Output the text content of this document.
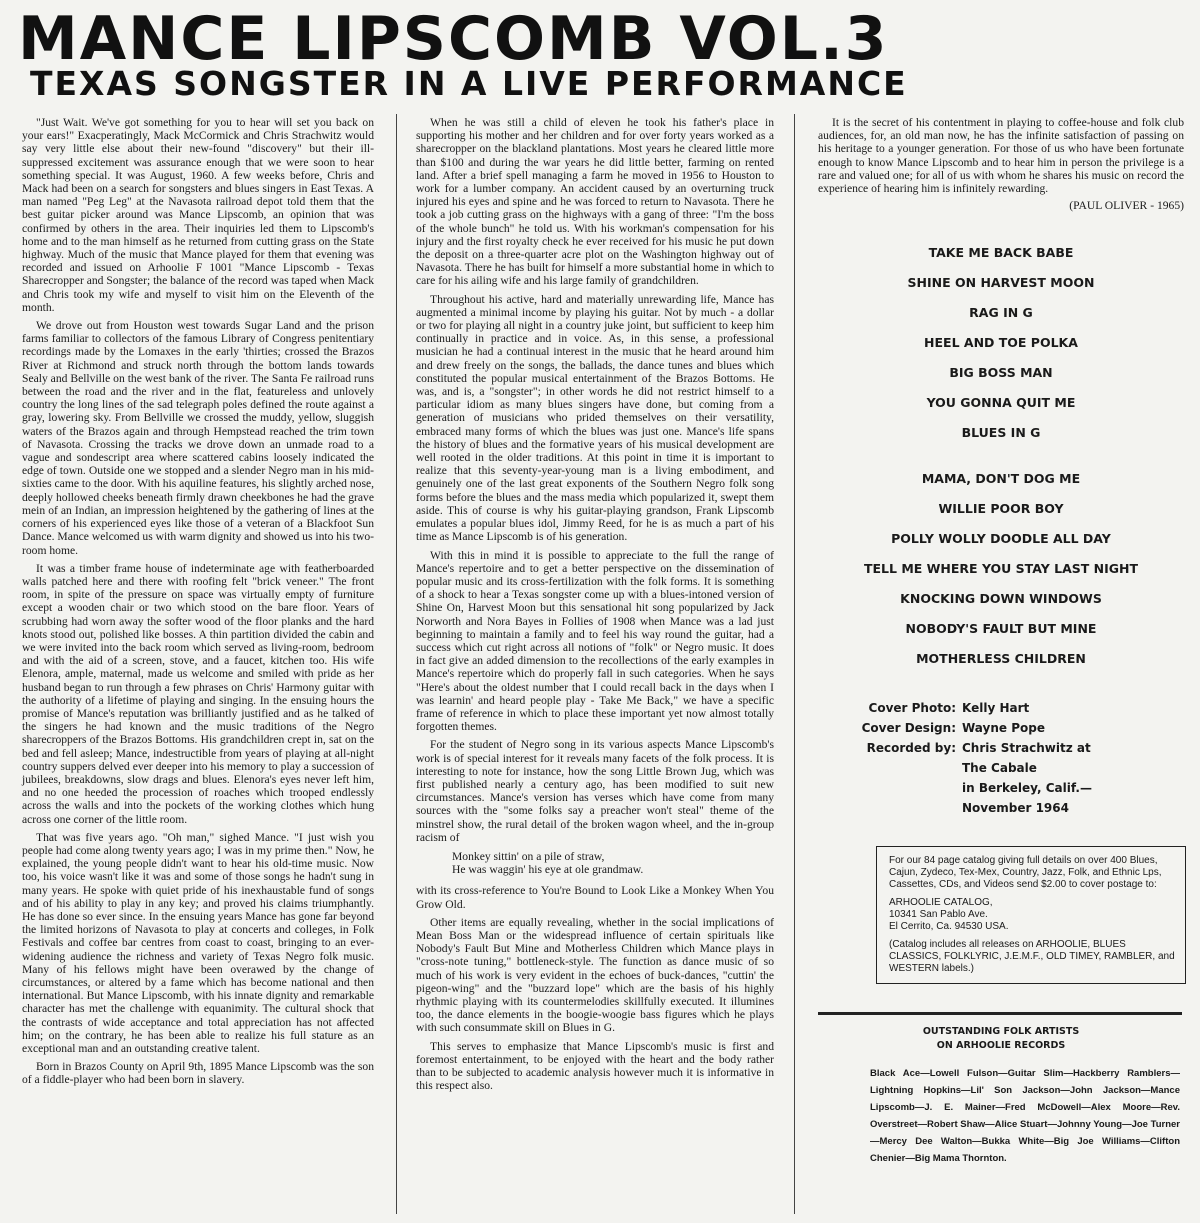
MANCE LIPSCOMB VOL.3
TEXAS SONGSTER IN A LIVE PERFORMANCE

"Just Wait. We've got something for you to hear will set you back on your ears!" Exacperatingly, Mack McCormick and Chris Strachwitz would say very little else about their new-found "discovery" but their ill-suppressed excitement was assurance enough that we were soon to hear something special. It was August, 1960. A few weeks before, Chris and Mack had been on a search for songsters and blues singers in East Texas. A man named "Peg Leg" at the Navasota railroad depot told them that the best guitar picker around was Mance Lipscomb, an opinion that was confirmed by others in the area. Their inquiries led them to Lipscomb's home and to the man himself as he returned from cutting grass on the State highway. Much of the music that Mance played for them that evening was recorded and issued on Arhoolie F 1001 "Mance Lipscomb - Texas Sharecropper and Songster; the balance of the record was taped when Mack and Chris took my wife and myself to visit him on the Eleventh of the month.

We drove out from Houston west towards Sugar Land and the prison farms familiar to collectors of the famous Library of Congress penitentiary recordings made by the Lomaxes in the early 'thirties; crossed the Brazos River at Richmond and struck north through the bottom lands towards Sealy and Bellville on the west bank of the river. The Santa Fe railroad runs between the road and the river and in the flat, featureless and unlovely country the long lines of the sad telegraph poles defined the route against a gray, lowering sky. From Bellville we crossed the muddy, yellow, sluggish waters of the Brazos again and through Hempstead reached the trim town of Navasota. Crossing the tracks we drove down an unmade road to a vague and sondescript area where scattered cabins loosely indicated the edge of town. Outside one we stopped and a slender Negro man in his mid-sixties came to the door. With his aquiline features, his slightly arched nose, deeply hollowed cheeks beneath firmly drawn cheekbones he had the grave mein of an Indian, an impression heightened by the gathering of lines at the corners of his experienced eyes like those of a veteran of a Blackfoot Sun Dance. Mance welcomed us with warm dignity and showed us into his two-room home.

It was a timber frame house of indeterminate age with featherboarded walls patched here and there with roofing felt "brick veneer." The front room, in spite of the pressure on space was virtually empty of furniture except a wooden chair or two which stood on the bare floor. Years of scrubbing had worn away the softer wood of the floor planks and the hard knots stood out, polished like bosses. A thin partition divided the cabin and we were invited into the back room which served as living-room, bedroom and with the aid of a screen, stove, and a faucet, kitchen too. His wife Elenora, ample, maternal, made us welcome and smiled with pride as her husband began to run through a few phrases on Chris' Harmony guitar with the authority of a lifetime of playing and singing. In the ensuing hours the promise of Mance's reputation was brilliantly justified and as he talked of the singers he had known and the music traditions of the Negro sharecroppers of the Brazos Bottoms. His grandchildren crept in, sat on the bed and fell asleep; Mance, indestructible from years of playing at all-night country suppers delved ever deeper into his memory to play a succession of jubilees, breakdowns, slow drags and blues. Elenora's eyes never left him, and no one heeded the procession of roaches which trooped endlessly across the walls and into the pockets of the working clothes which hung across one corner of the little room.

That was five years ago. "Oh man," sighed Mance. "I just wish you people had come along twenty years ago; I was in my prime then." Now, he explained, the young people didn't want to hear his old-time music. Now too, his voice wasn't like it was and some of those songs he hadn't sung in many years. He spoke with quiet pride of his inexhaustable fund of songs and of his ability to play in any key; and proved his claims triumphantly. He has done so ever since. In the ensuing years Mance has gone far beyond the limited horizons of Navasota to play at concerts and colleges, in Folk Festivals and coffee bar centres from coast to coast, bringing to an ever-widening audience the richness and variety of Texas Negro folk music. Many of his fellows might have been overawed by the change of circumstances, or altered by a fame which has become national and then international. But Mance Lipscomb, with his innate dignity and remarkable character has met the challenge with equanimity. The cultural shock that the contrasts of wide acceptance and total appreciation has not affected him; on the contrary, he has been able to realize his full stature as an exceptional man and an outstanding creative talent.

Born in Brazos County on April 9th, 1895 Mance Lipscomb was the son of a fiddle-player who had been born in slavery.

When he was still a child of eleven he took his father's place in supporting his mother and her children and for over forty years worked as a sharecropper on the blackland plantations. Most years he cleared little more than $100 and during the war years he did little better, farming on rented land. After a brief spell managing a farm he moved in 1956 to Houston to work for a lumber company. An accident caused by an overturning truck injured his eyes and spine and he was forced to return to Navasota. There he took a job cutting grass on the highways with a gang of three: "I'm the boss of the whole bunch" he told us. With his workman's compensation for his injury and the first royalty check he ever received for his music he put down the deposit on a three-quarter acre plot on the Washington highway out of Navasota. There he has built for himself a more substantial home in which to care for his ailing wife and his large family of grandchildren.

Throughout his active, hard and materially unrewarding life, Mance has augmented a minimal income by playing his guitar. Not by much - a dollar or two for playing all night in a country juke joint, but sufficient to keep him continually in practice and in voice. As, in this sense, a professional musician he had a continual interest in the music that he heard around him and drew freely on the songs, the ballads, the dance tunes and blues which constituted the popular musical entertainment of the Brazos Bottoms. He was, and is, a "songster"; in other words he did not restrict himself to a particular idiom as many blues singers have done, but coming from a generation of musicians who prided themselves on their versatility, embraced many forms of which the blues was just one. Mance's life spans the history of blues and the formative years of his musical development are well rooted in the older traditions. At this point in time it is important to realize that this seventy-year-young man is a living embodiment, and genuinely one of the last great exponents of the Southern Negro folk song forms before the blues and the mass media which popularized it, swept them aside. This of course is why his guitar-playing grandson, Frank Lipscomb emulates a popular blues idol, Jimmy Reed, for he is as much a part of his time as Mance Lipscomb is of his generation.

With this in mind it is possible to appreciate to the full the range of Mance's repertoire and to get a better perspective on the dissemination of popular music and its cross-fertilization with the folk forms. It is something of a shock to hear a Texas songster come up with a blues-intoned version of Shine On, Harvest Moon but this sensational hit song popularized by Jack Norworth and Nora Bayes in Follies of 1908 when Mance was a lad just beginning to maintain a family and to feel his way round the guitar, had a success which cut right across all notions of "folk" or Negro music. It does in fact give an added dimension to the recollections of the early examples in Mance's repertoire which do properly fall in such categories. When he says "Here's about the oldest number that I could recall back in the days when I was learnin' and heard people play - Take Me Back," we have a specific frame of reference in which to place these important yet now almost totally forgotten themes.

For the student of Negro song in its various aspects Mance Lipscomb's work is of special interest for it reveals many facets of the folk process. It is interesting to note for instance, how the song Little Brown Jug, which was first published nearly a century ago, has been modified to suit new circumstances. Mance's version has verses which have come from many sources with the "some folks say a preacher won't steal" theme of the minstrel show, the rural detail of the broken wagon wheel, and the in-group racism of

Monkey sittin' on a pile of straw,
He was waggin' his eye at ole grandmaw.

with its cross-reference to You're Bound to Look Like a Monkey When You Grow Old.

Other items are equally revealing, whether in the social implications of Mean Boss Man or the widespread influence of certain spirituals like Nobody's Fault But Mine and Motherless Children which Mance plays in "cross-note tuning," bottleneck-style. The function as dance music of so much of his work is very evident in the echoes of buck-dances, "cuttin' the pigeon-wing" and the "buzzard lope" which are the basis of his highly rhythmic playing with its countermelodies skillfully executed. It illumines too, the dance elements in the boogie-woogie bass figures which he plays with such consummate skill on Blues in G.

This serves to emphasize that Mance Lipscomb's music is first and foremost entertainment, to be enjoyed with the heart and the body rather than to be subjected to academic analysis however much it is informative in this respect also.

It is the secret of his contentment in playing to coffee-house and folk club audiences, for, an old man now, he has the infinite satisfaction of passing on his heritage to a younger generation. For those of us who have been fortunate enough to know Mance Lipscomb and to hear him in person the privilege is a rare and valued one; for all of us with whom he shares his music on record the experience of hearing him is infinitely rewarding.

(PAUL OLIVER - 1965)

TAKE ME BACK BABE
SHINE ON HARVEST MOON
RAG IN G
HEEL AND TOE POLKA
BIG BOSS MAN
YOU GONNA QUIT ME
BLUES IN G
MAMA, DON'T DOG ME
WILLIE POOR BOY
POLLY WOLLY DOODLE ALL DAY
TELL ME WHERE YOU STAY LAST NIGHT
KNOCKING DOWN WINDOWS
NOBODY'S FAULT BUT MINE
MOTHERLESS CHILDREN
Cover Photo: Kelly Hart
Cover Design: Wayne Pope
Recorded by: Chris Strachwitz at
The Cabale
in Berkeley, Calif.—
November 1964

For our 84 page catalog giving full details on over 400 Blues, Cajun, Zydeco, Tex-Mex, Country, Jazz, Folk, and Ethnic Lps, Cassettes, CDs, and Videos send $2.00 to cover postage to:

ARHOOLIE CATALOG,
10341 San Pablo Ave.
El Cerrito, Ca. 94530 USA.

(Catalog includes all releases on ARHOOLIE, BLUES CLASSICS, FOLKLYRIC, J.E.M.F., OLD TIMEY, RAMBLER, and WESTERN labels.)

OUTSTANDING FOLK ARTISTS
ON ARHOOLIE RECORDS
Black Ace—Lowell Fulson—Guitar Slim—Hackberry Ramblers—Lightning Hopkins—Lil' Son Jackson—John Jackson—Mance Lipscomb—J. E. Mainer—Fred McDowell—Alex Moore—Rev. Overstreet—Robert Shaw—Alice Stuart—Johnny Young—Joe Turner—Mercy Dee Walton—Bukka White—Big Joe Williams—Clifton Chenier—Big Mama Thornton.
